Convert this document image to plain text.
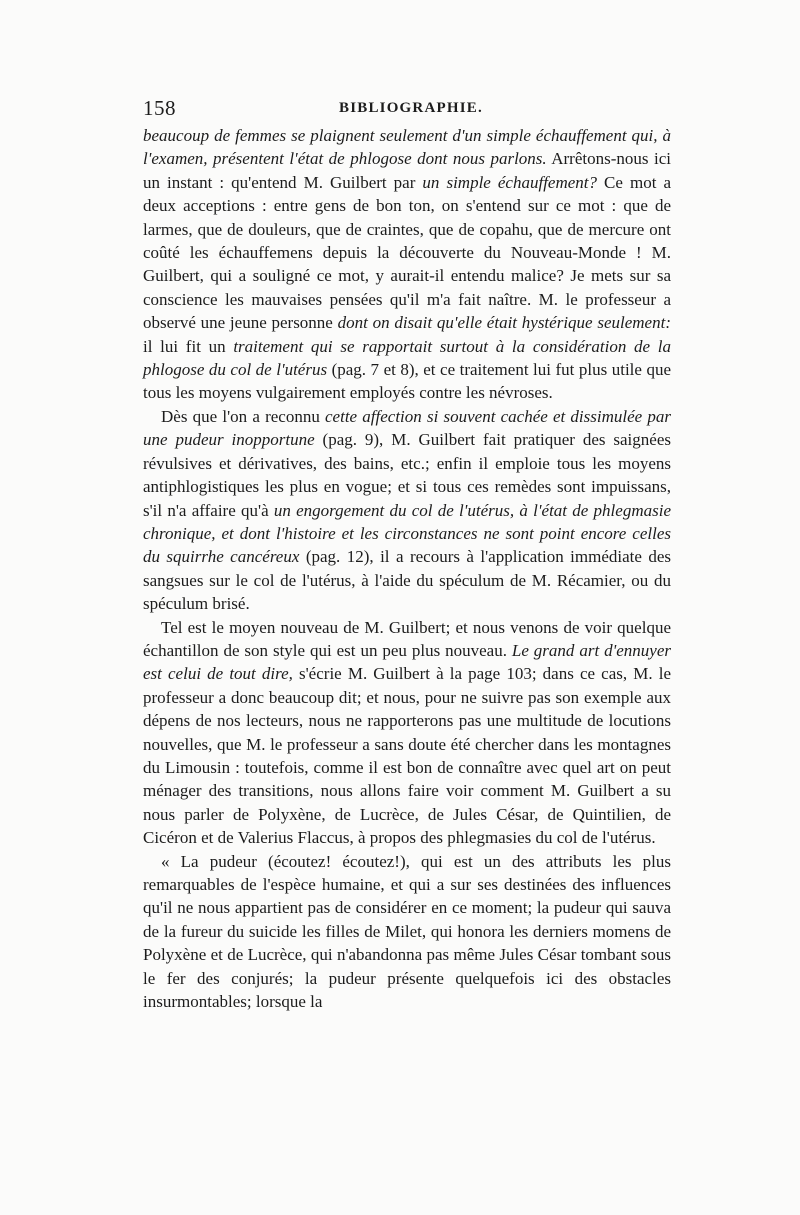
158	BIBLIOGRAPHIE.

beaucoup de femmes se plaignent seulement d'un simple échauffement qui, à l'examen, présentent l'état de phlogose dont nous parlons. Arrêtons-nous ici un instant : qu'entend M. Guilbert par un simple échauffement? Ce mot a deux acceptions : entre gens de bon ton, on s'entend sur ce mot : que de larmes, que de douleurs, que de craintes, que de copahu, que de mercure ont coûté les échauffemens depuis la découverte du Nouveau-Monde ! M. Guilbert, qui a souligné ce mot, y aurait-il entendu malice? Je mets sur sa conscience les mauvaises pensées qu'il m'a fait naître. M. le professeur a observé une jeune personne dont on disait qu'elle était hystérique seulement: il lui fit un traitement qui se rapportait surtout à la considération de la phlogose du col de l'utérus (pag. 7 et 8), et ce traitement lui fut plus utile que tous les moyens vulgairement employés contre les névroses.

Dès que l'on a reconnu cette affection si souvent cachée et dissimulée par une pudeur inopportune (pag. 9), M. Guilbert fait pratiquer des saignées révulsives et dérivatives, des bains, etc.; enfin il emploie tous les moyens antiphlogistiques les plus en vogue; et si tous ces remèdes sont impuissans, s'il n'a affaire qu'à un engorgement du col de l'utérus, à l'état de phlegmasie chronique, et dont l'histoire et les circonstances ne sont point encore celles du squirrhe cancéreux (pag. 12), il a recours à l'application immédiate des sangsues sur le col de l'utérus, à l'aide du spéculum de M. Récamier, ou du spéculum brisé.

Tel est le moyen nouveau de M. Guilbert; et nous venons de voir quelque échantillon de son style qui est un peu plus nouveau. Le grand art d'ennuyer est celui de tout dire, s'écrie M. Guilbert à la page 103; dans ce cas, M. le professeur a donc beaucoup dit; et nous, pour ne suivre pas son exemple aux dépens de nos lecteurs, nous ne rapporterons pas une multitude de locutions nouvelles, que M. le professeur a sans doute été chercher dans les montagnes du Limousin : toutefois, comme il est bon de connaître avec quel art on peut ménager des transitions, nous allons faire voir comment M. Guilbert a su nous parler de Polyxène, de Lucrèce, de Jules César, de Quintilien, de Cicéron et de Valerius Flaccus, à propos des phlegmasies du col de l'utérus.

« La pudeur (écoutez! écoutez!), qui est un des attributs les plus remarquables de l'espèce humaine, et qui a sur ses destinées des influences qu'il ne nous appartient pas de considérer en ce moment; la pudeur qui sauva de la fureur du suicide les filles de Milet, qui honora les derniers momens de Polyxène et de Lucrèce, qui n'abandonna pas même Jules César tombant sous le fer des conjurés; la pudeur présente quelquefois ici des obstacles insurmontables; lorsque la
